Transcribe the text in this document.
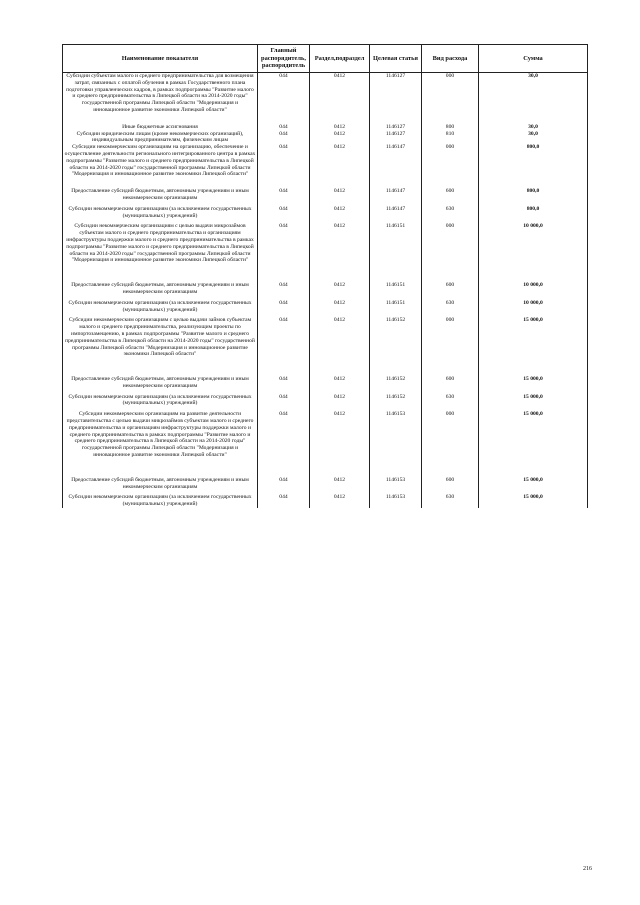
Наименование показателя	Главный распорядитель, распорядитель	Раздел,подраздел	Целевая статья	Вид расхода	Сумма
Субсидии субъектам малого и среднего предпринимательства для возмещения затрат, связанных с оплатой обучения в рамках Государственного плана подготовки управленческих кадров, в рамках подпрограммы "Развитие малого и среднего предпринимательства в Липецкой области на 2014-2020 годы" государственной программы Липецкой области "Модернизация и инновационное развитие экономики Липецкой области"	044	0412	1146127	000	30,0
Иные бюджетные ассигнования	044	0412	1146127	800	30,0
Субсидии юридическим лицам (кроме некоммерческих организаций), индивидуальным предпринимателям, физическим лицам	044	0412	1146127	810	30,0
Субсидии некоммерческим организациям на организацию, обеспечение и осуществление деятельности регионального интегрированного центра в рамках подпрограммы "Развитие малого и среднего предпринимательства в Липецкой области на 2014-2020 годы" государственной программы Липецкой области "Модернизация и инновационное развитие экономики Липецкой области"	044	0412	1146147	000	800,0
Предоставление субсидий бюджетным, автономным учреждениям и иным некоммерческим организациям	044	0412	1146147	600	800,0
Субсидии некоммерческим организациям (за исключением государственных (муниципальных) учреждений)	044	0412	1146147	630	800,0
Субсидии некоммерческим организациям с целью выдачи микрозаймов субъектам малого и среднего предпринимательства и организациям инфраструктуры поддержки малого и среднего предпринимательства в рамках подпрограммы "Развитие малого и среднего предпринимательства в Липецкой области на 2014-2020 годы" государственной программы Липецкой области "Модернизация и инновационное развитие экономики Липецкой области"	044	0412	1146151	000	10 000,0
Предоставление субсидий бюджетным, автономным учреждениям и иным некоммерческим организациям	044	0412	1146151	600	10 000,0
Субсидии некоммерческим организациям (за исключением государственных (муниципальных) учреждений)	044	0412	1146151	630	10 000,0
Субсидии некоммерческим организациям с целью выдачи займов субъектам малого и среднего предпринимательства, реализующим проекты по импортозамещению, в рамках подпрограммы "Развитие малого и среднего предпринимательства в Липецкой области на 2014-2020 годы" государственной программы Липецкой области "Модернизация и инновационное развитие экономики Липецкой области"	044	0412	1146152	000	15 000,0
Предоставление субсидий бюджетным, автономным учреждениям и иным некоммерческим организациям	044	0412	1146152	600	15 000,0
Субсидии некоммерческим организациям (за исключением государственных (муниципальных) учреждений)	044	0412	1146152	630	15 000,0
Субсидии некоммерческим организациям на развитие деятельности представительства с целью выдачи микрозаймов субъектам малого и среднего предпринимательства и организациям инфраструктуры поддержки малого и среднего предпринимательства в рамках подпрограммы "Развитие малого и среднего предпринимательства в Липецкой области на 2014-2020 годы" государственной программы Липецкой области "Модернизация и инновационное развитие экономики Липецкой области"	044	0412	1146153	000	15 000,0
Предоставление субсидий бюджетным, автономным учреждениям и иным некоммерческим организациям	044	0412	1146153	600	15 000,0
Субсидии некоммерческим организациям (за исключением государственных (муниципальных) учреждений)	044	0412	1146153	630	15 000,0
216
